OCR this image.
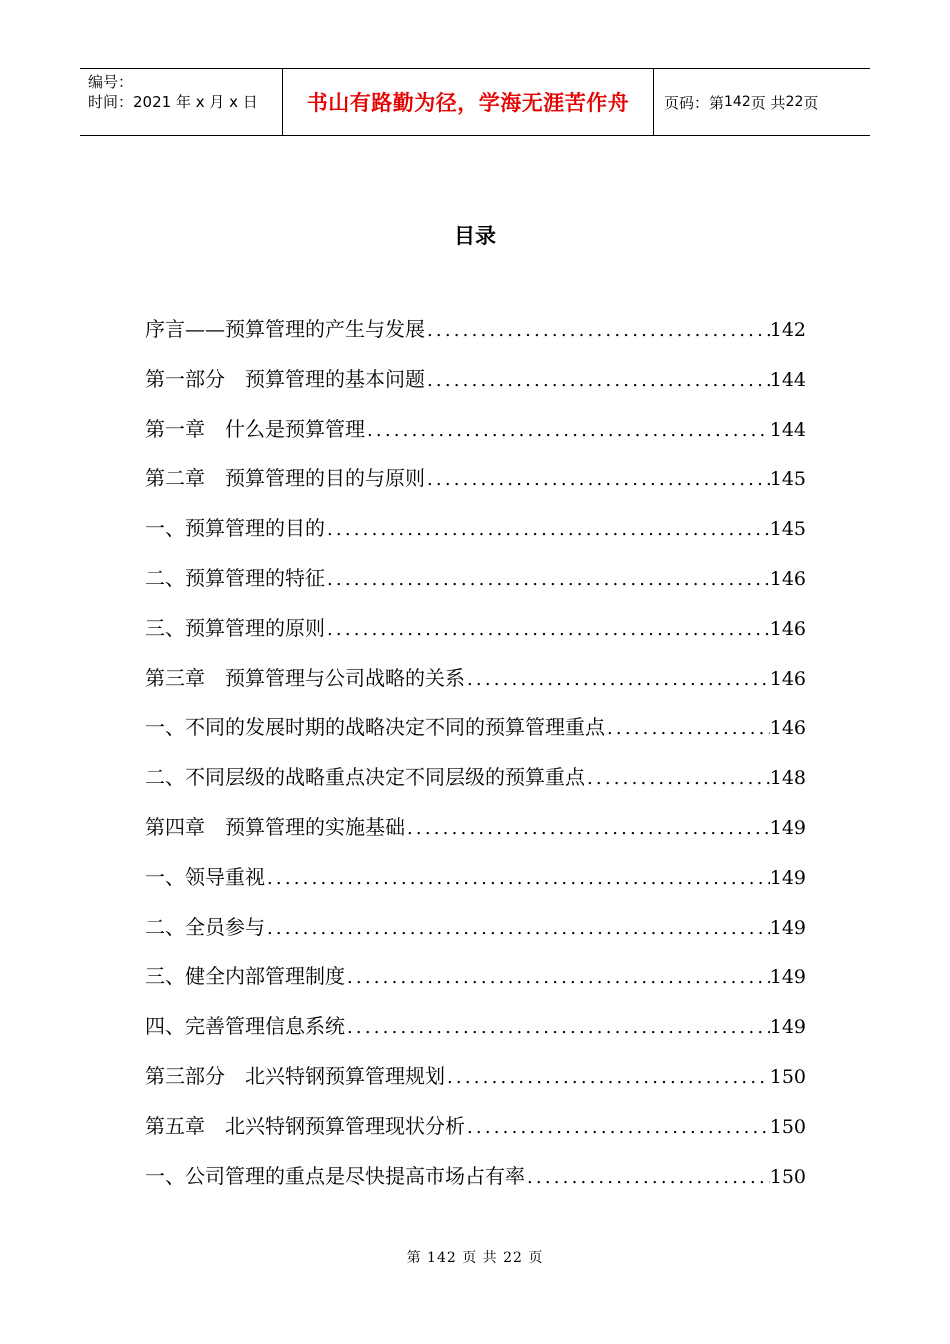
编号：
时间：2021 年 x 月 x 日	书山有路勤为径，学海无涯苦作舟	页码：第 142 页 共 22 页
目录
序言——预算管理的产生与发展 .....	142
第一部分　预算管理的基本问题 .....	144
第一章　什么是预算管理 .....	144
第二章　预算管理的目的与原则 .....	145
一、预算管理的目的 .....	145
二、预算管理的特征 .....	146
三、预算管理的原则 .....	146
第三章　预算管理与公司战略的关系 .....	146
一、不同的发展时期的战略决定不同的预算管理重点 .....	146
二、不同层级的战略重点决定不同层级的预算重点 .....	148
第四章　预算管理的实施基础 .....	149
一、领导重视 .....	149
二、全员参与 .....	149
三、健全内部管理制度 .....	149
四、完善管理信息系统 .....	149
第三部分　北兴特钢预算管理规划 .....	150
第五章　北兴特钢预算管理现状分析 .....	150
一、公司管理的重点是尽快提高市场占有率 .....	150
第 142 页 共 22 页
